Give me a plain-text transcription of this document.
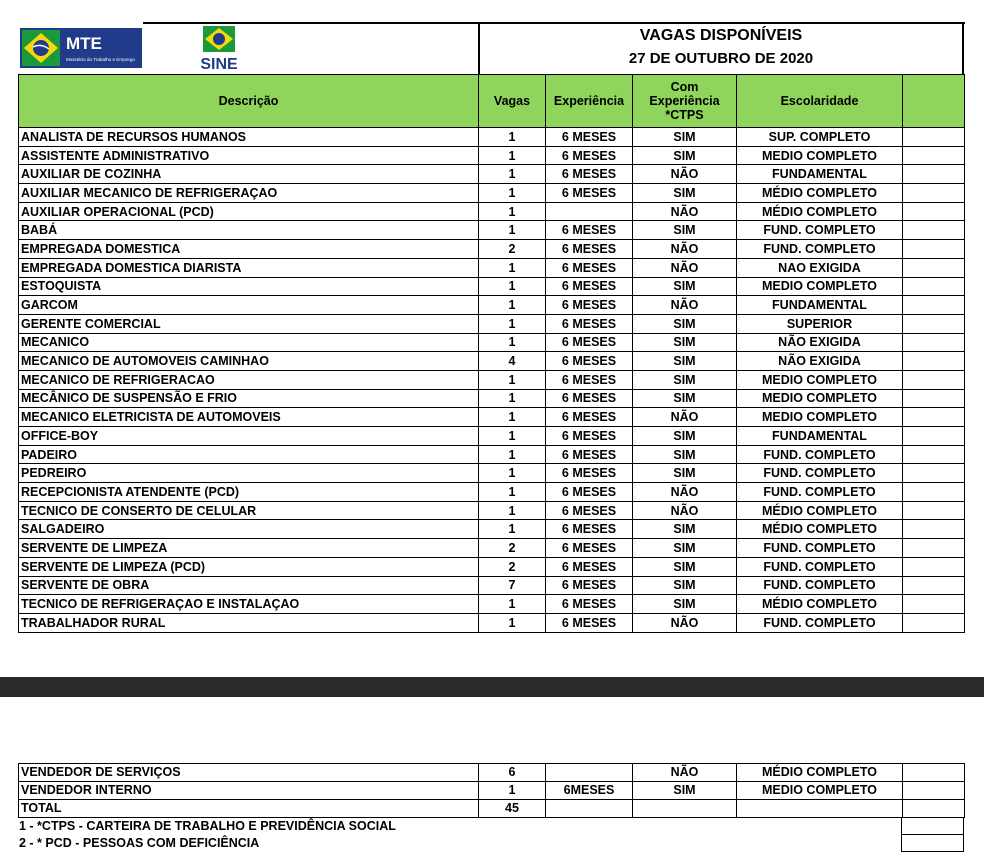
MTE
Ministério do Trabalho e Emprego	SINE
VAGAS DISPONÍVEIS
27 DE OUTUBRO DE 2020
Descrição	Vagas	Experiência	Com Experiência *CTPS	Escolaridade	
ANALISTA DE RECURSOS HUMANOS	1	6 MESES	SIM	SUP. COMPLETO	
ASSISTENTE ADMINISTRATIVO	1	6 MESES	SIM	MEDIO COMPLETO	
AUXILIAR DE COZINHA	1	6 MESES	NÃO	FUNDAMENTAL	
AUXILIAR MECANICO DE REFRIGERAÇAO	1	6 MESES	SIM	MÉDIO COMPLETO	
AUXILIAR OPERACIONAL (PCD)	1		NÃO	MÉDIO COMPLETO	
BABÁ	1	6 MESES	SIM	FUND. COMPLETO	
EMPREGADA DOMESTICA	2	6 MESES	NÃO	FUND. COMPLETO	
EMPREGADA DOMESTICA DIARISTA	1	6 MESES	NÃO	NAO EXIGIDA	
ESTOQUISTA	1	6 MESES	SIM	MEDIO COMPLETO	
GARCOM	1	6 MESES	NÃO	FUNDAMENTAL	
GERENTE COMERCIAL	1	6 MESES	SIM	SUPERIOR	
MECANICO	1	6 MESES	SIM	NÃO EXIGIDA	
MECANICO DE AUTOMOVEIS CAMINHAO	4	6 MESES	SIM	NÃO EXIGIDA	
MECANICO DE REFRIGERACAO	1	6 MESES	SIM	MEDIO COMPLETO	
MECÂNICO DE SUSPENSÃO E FRIO	1	6 MESES	SIM	MEDIO COMPLETO	
MECANICO ELETRICISTA DE AUTOMOVEIS	1	6 MESES	NÃO	MEDIO COMPLETO	
OFFICE-BOY	1	6 MESES	SIM	FUNDAMENTAL	
PADEIRO	1	6 MESES	SIM	FUND. COMPLETO	
PEDREIRO	1	6 MESES	SIM	FUND. COMPLETO	
RECEPCIONISTA ATENDENTE (PCD)	1	6 MESES	NÃO	FUND. COMPLETO	
TECNICO DE CONSERTO DE CELULAR	1	6 MESES	NÃO	MÉDIO COMPLETO	
SALGADEIRO	1	6 MESES	SIM	MÉDIO COMPLETO	
SERVENTE DE LIMPEZA	2	6 MESES	SIM	FUND. COMPLETO	
SERVENTE DE LIMPEZA (PCD)	2	6 MESES	SIM	FUND. COMPLETO	
SERVENTE DE OBRA	7	6 MESES	SIM	FUND. COMPLETO	
TECNICO DE REFRIGERAÇAO E INSTALAÇAO	1	6 MESES	SIM	MÉDIO COMPLETO	
TRABALHADOR RURAL	1	6 MESES	NÃO	FUND. COMPLETO	
VENDEDOR DE SERVIÇOS	6		NÃO	MÉDIO COMPLETO	
VENDEDOR INTERNO	1	6MESES	SIM	MEDIO COMPLETO	
TOTAL	45				
1 - *CTPS - CARTEIRA DE TRABALHO E PREVIDÊNCIA SOCIAL
2 - * PCD - PESSOAS COM DEFICIÊNCIA
